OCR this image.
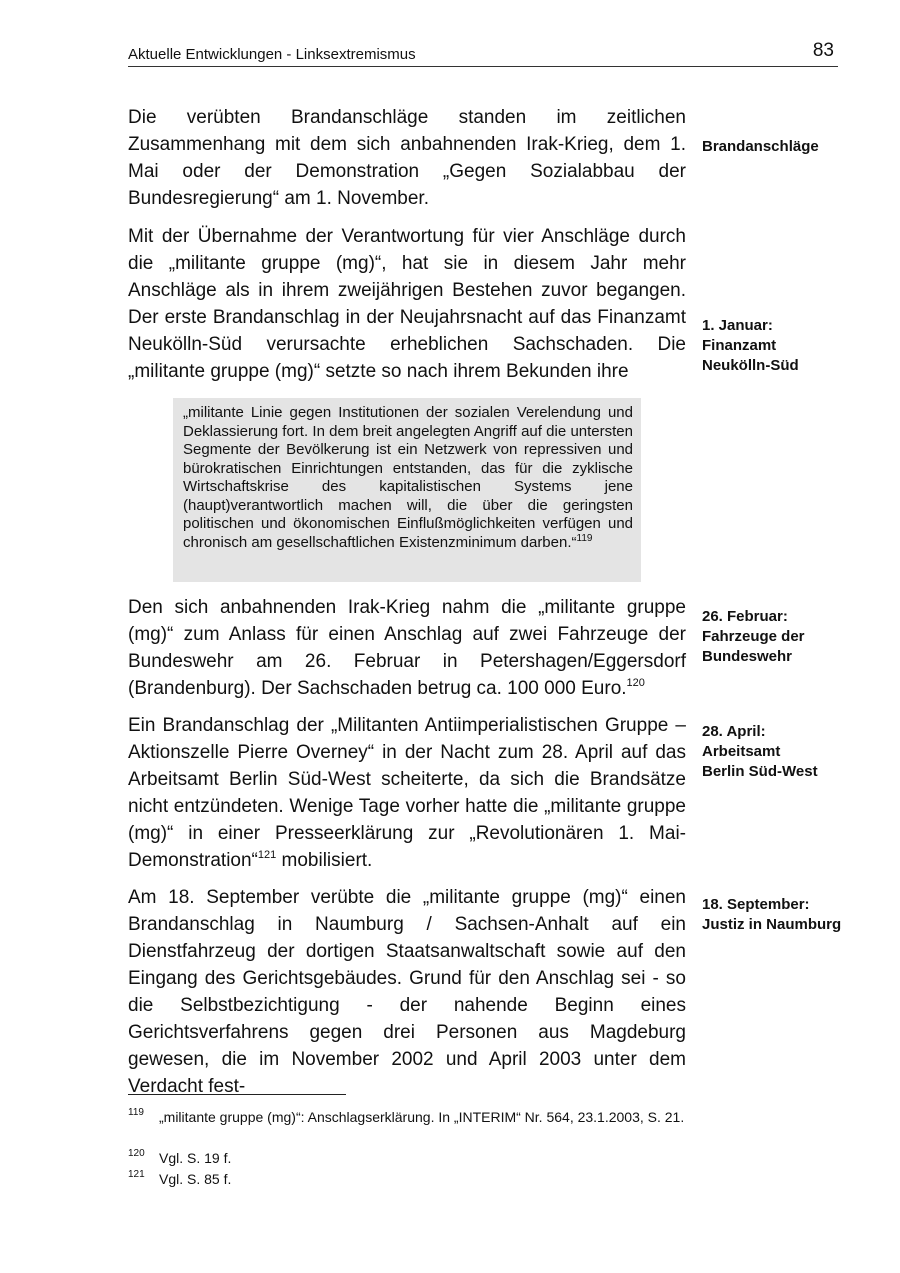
Aktuelle Entwicklungen - Linksextremismus	83

Die verübten Brandanschläge standen im zeitlichen Zusammenhang mit dem sich anbahnenden Irak-Krieg, dem 1. Mai oder der Demonstration „Gegen Sozialabbau der Bundesregierung“ am 1. November.

Mit der Übernahme der Verantwortung für vier Anschläge durch die „militante gruppe (mg)“, hat sie in diesem Jahr mehr Anschläge als in ihrem zweijährigen Bestehen zuvor begangen. Der erste Brandanschlag in der Neujahrsnacht auf das Finanzamt Neukölln-Süd verursachte erheblichen Sachschaden. Die „militante gruppe (mg)“ setzte so nach ihrem Bekunden ihre

„militante Linie gegen Institutionen der sozialen Verelendung und Deklassierung fort. In dem breit angelegten Angriff auf die untersten Segmente der Bevölkerung ist ein Netzwerk von repressiven und bürokratischen Einrichtungen entstanden, das für die zyklische Wirtschaftskrise des kapitalistischen Systems jene (haupt)verantwortlich machen will, die über die geringsten politischen und ökonomischen Einflußmöglichkeiten verfügen und chronisch am gesellschaftlichen Existenzminimum darben.“$^{119}$

Den sich anbahnenden Irak-Krieg nahm die „militante gruppe (mg)“ zum Anlass für einen Anschlag auf zwei Fahrzeuge der Bundeswehr am 26. Februar in Petershagen/Eggersdorf (Brandenburg). Der Sachschaden betrug ca. 100 000 Euro.$^{120}$

Ein Brandanschlag der „Militanten Antiimperialistischen Gruppe – Aktionszelle Pierre Overney“ in der Nacht zum 28. April auf das Arbeitsamt Berlin Süd-West scheiterte, da sich die Brandsätze nicht entzündeten. Wenige Tage vorher hatte die „militante gruppe (mg)“ in einer Presseerklärung zur „Revolutionären 1. Mai-Demonstration“$^{121}$ mobilisiert.

Am 18. September verübte die „militante gruppe (mg)“ einen Brandanschlag in Naumburg / Sachsen-Anhalt auf ein Dienstfahrzeug der dortigen Staatsanwaltschaft sowie auf den Eingang des Gerichtsgebäudes. Grund für den Anschlag sei - so die Selbstbezichtigung - der nahende Beginn eines Gerichtsverfahrens gegen drei Personen aus Magdeburg gewesen, die im November 2002 und April 2003 unter dem Verdacht fest-

Brandanschläge
1. Januar:
Finanzamt
Neukölln-Süd
26. Februar:
Fahrzeuge der
Bundeswehr
28. April:
Arbeitsamt
Berlin Süd-West
18. September:
Justiz in Naumburg
119 „militante gruppe (mg)“: Anschlagserklärung. In „INTERIM“ Nr. 564, 23.1.2003, S. 21.
120 Vgl. S. 19 f.
121 Vgl. S. 85 f.
